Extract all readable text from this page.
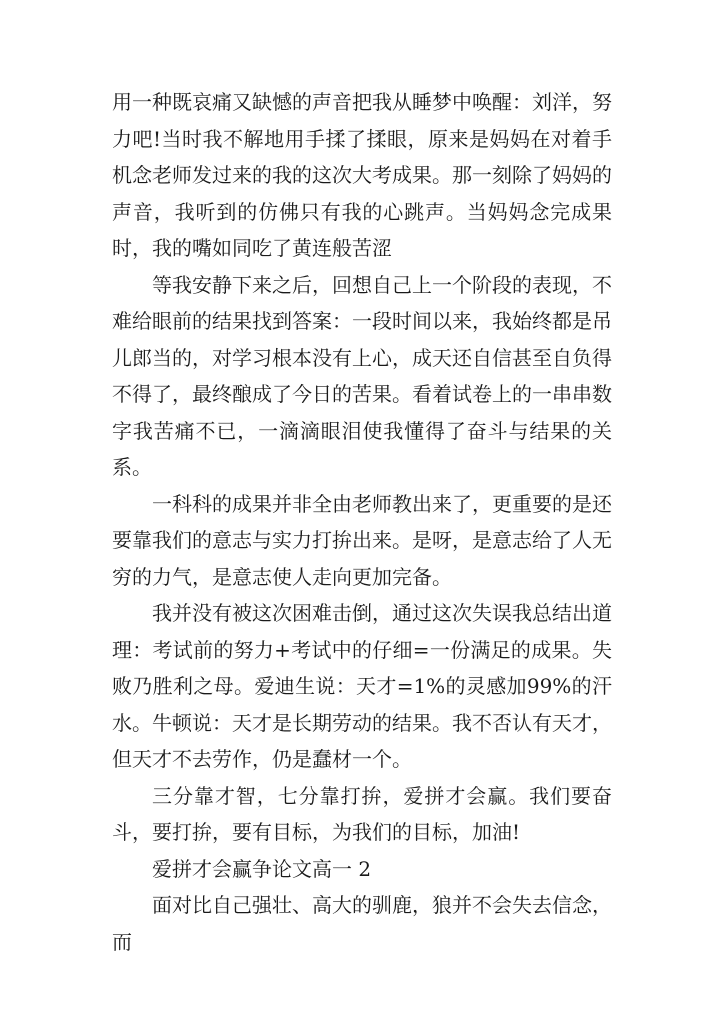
用一种既哀痛又缺憾的声音把我从睡梦中唤醒：刘洋，努力吧!当时我不解地用手揉了揉眼，原来是妈妈在对着手机念老师发过来的我的这次大考成果。那一刻除了妈妈的声音，我听到的仿佛只有我的心跳声。当妈妈念完成果时，我的嘴如同吃了黄连般苦涩

等我安静下来之后，回想自己上一个阶段的表现，不难给眼前的结果找到答案：一段时间以来，我始终都是吊儿郎当的，对学习根本没有上心，成天还自信甚至自负得不得了，最终酿成了今日的苦果。看着试卷上的一串串数字我苦痛不已，一滴滴眼泪使我懂得了奋斗与结果的关系。

一科科的成果并非全由老师教出来了，更重要的是还要靠我们的意志与实力打拚出来。是呀，是意志给了人无穷的力气，是意志使人走向更加完备。

我并没有被这次困难击倒，通过这次失误我总结出道理：考试前的努力+考试中的仔细=一份满足的成果。失败乃胜利之母。爱迪生说：天才=1%的灵感加99%的汗水。牛顿说：天才是长期劳动的结果。我不否认有天才，但天才不去劳作，仍是蠢材一个。

三分靠才智，七分靠打拚，爱拼才会赢。我们要奋斗，要打拚，要有目标，为我们的目标，加油!

爱拼才会赢争论文高一 2

面对比自己强壮、高大的驯鹿，狼并不会失去信念，而
